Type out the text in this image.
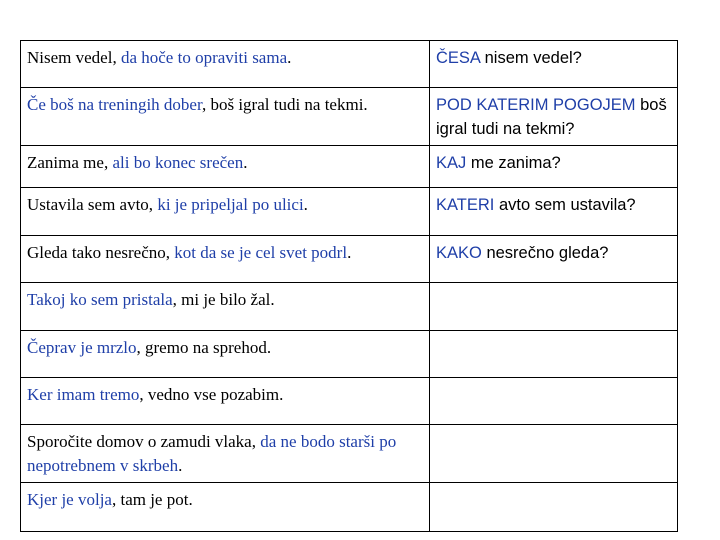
Nisem vedel, da hoče to opraviti sama.	ČESA nisem vedel?
Če boš na treningih dober, boš igral tudi na tekmi.	POD KATERIM POGOJEM boš igral tudi na tekmi?
Zanima me, ali bo konec srečen.	KAJ me zanima?
Ustavila sem avto, ki je pripeljal po ulici.	KATERI avto sem ustavila?
Gleda tako nesrečno, kot da se je cel svet podrl.	KAKO nesrečno gleda?
Takoj ko sem pristala, mi je bilo žal.	
Čeprav je mrzlo, gremo na sprehod.	
Ker imam tremo, vedno vse pozabim.	
Sporočite domov o zamudi vlaka, da ne bodo starši po nepotrebnem v skrbeh.	
Kjer je volja, tam je pot.	
